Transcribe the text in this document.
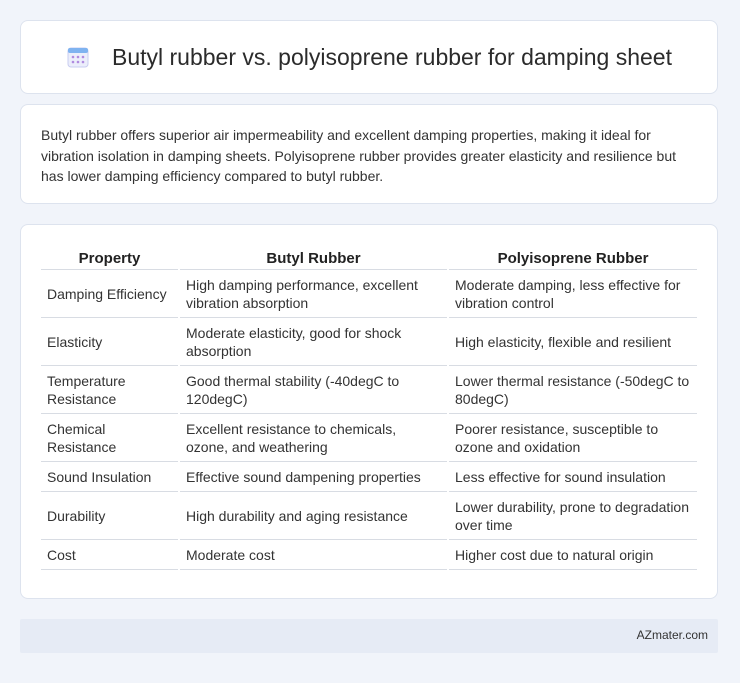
Butyl rubber vs. polyisoprene rubber for damping sheet

Butyl rubber offers superior air impermeability and excellent damping properties, making it ideal for vibration isolation in damping sheets. Polyisoprene rubber provides greater elasticity and resilience but has lower damping efficiency compared to butyl rubber.

Property	Butyl Rubber	Polyisoprene Rubber
Damping Efficiency	High damping performance, excellent vibration absorption	Moderate damping, less effective for vibration control
Elasticity	Moderate elasticity, good for shock absorption	High elasticity, flexible and resilient
Temperature Resistance	Good thermal stability (-40degC to 120degC)	Lower thermal resistance (-50degC to 80degC)
Chemical Resistance	Excellent resistance to chemicals, ozone, and weathering	Poorer resistance, susceptible to ozone and oxidation
Sound Insulation	Effective sound dampening properties	Less effective for sound insulation
Durability	High durability and aging resistance	Lower durability, prone to degradation over time
Cost	Moderate cost	Higher cost due to natural origin
AZmater.com
